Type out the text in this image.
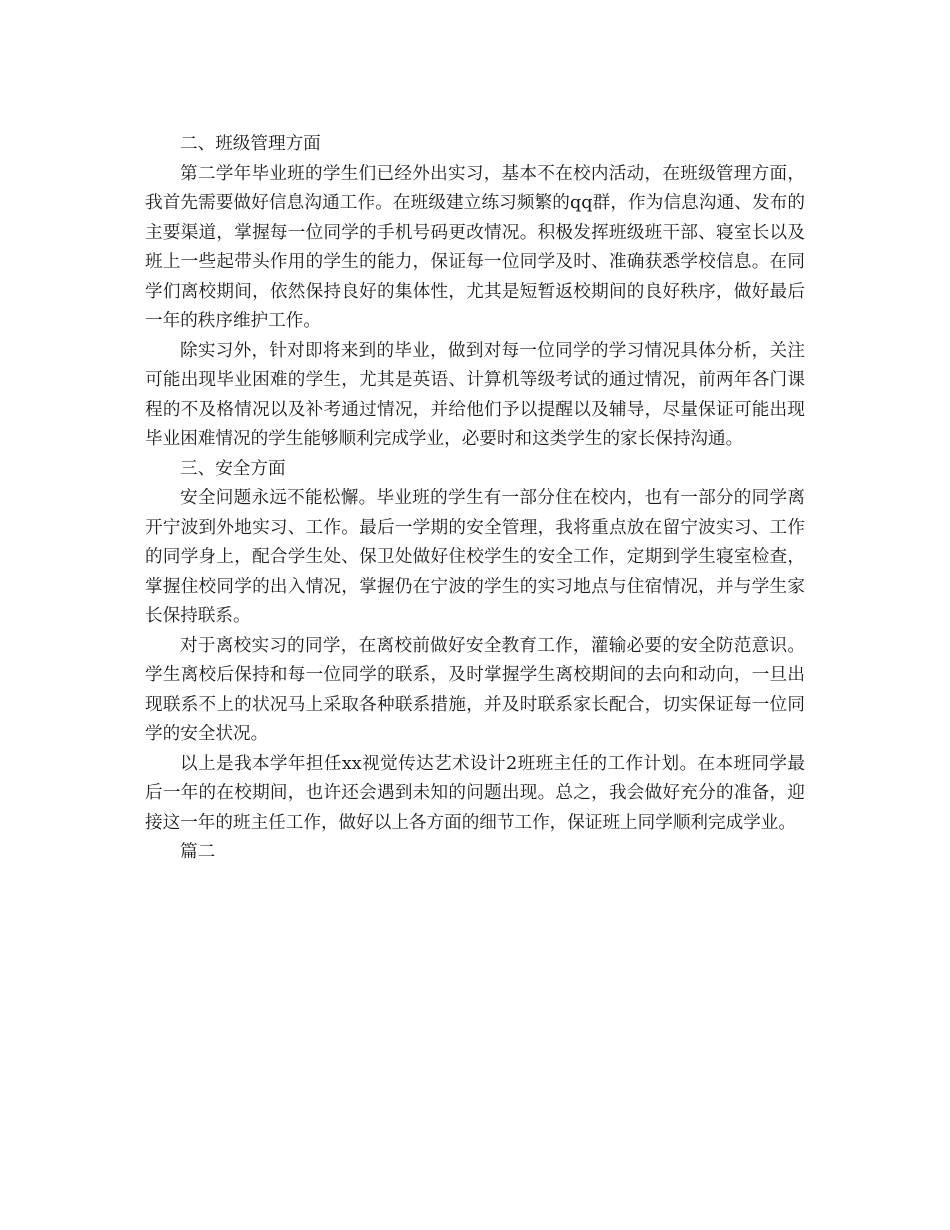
二、班级管理方面

第二学年毕业班的学生们已经外出实习，基本不在校内活动，在班级管理方面，我首先需要做好信息沟通工作。在班级建立练习频繁的qq群，作为信息沟通、发布的主要渠道，掌握每一位同学的手机号码更改情况。积极发挥班级班干部、寝室长以及班上一些起带头作用的学生的能力，保证每一位同学及时、准确获悉学校信息。在同学们离校期间，依然保持良好的集体性，尤其是短暂返校期间的良好秩序，做好最后一年的秩序维护工作。

除实习外，针对即将来到的毕业，做到对每一位同学的学习情况具体分析，关注可能出现毕业困难的学生，尤其是英语、计算机等级考试的通过情况，前两年各门课程的不及格情况以及补考通过情况，并给他们予以提醒以及辅导，尽量保证可能出现毕业困难情况的学生能够顺利完成学业，必要时和这类学生的家长保持沟通。

三、安全方面

安全问题永远不能松懈。毕业班的学生有一部分住在校内，也有一部分的同学离开宁波到外地实习、工作。最后一学期的安全管理，我将重点放在留宁波实习、工作的同学身上，配合学生处、保卫处做好住校学生的安全工作，定期到学生寝室检查，掌握住校同学的出入情况，掌握仍在宁波的学生的实习地点与住宿情况，并与学生家长保持联系。

对于离校实习的同学，在离校前做好安全教育工作，灌输必要的安全防范意识。学生离校后保持和每一位同学的联系，及时掌握学生离校期间的去向和动向，一旦出现联系不上的状况马上采取各种联系措施，并及时联系家长配合，切实保证每一位同学的安全状况。

以上是我本学年担任xx视觉传达艺术设计2班班主任的工作计划。在本班同学最后一年的在校期间，也许还会遇到未知的问题出现。总之，我会做好充分的准备，迎接这一年的班主任工作，做好以上各方面的细节工作，保证班上同学顺利完成学业。

篇二
